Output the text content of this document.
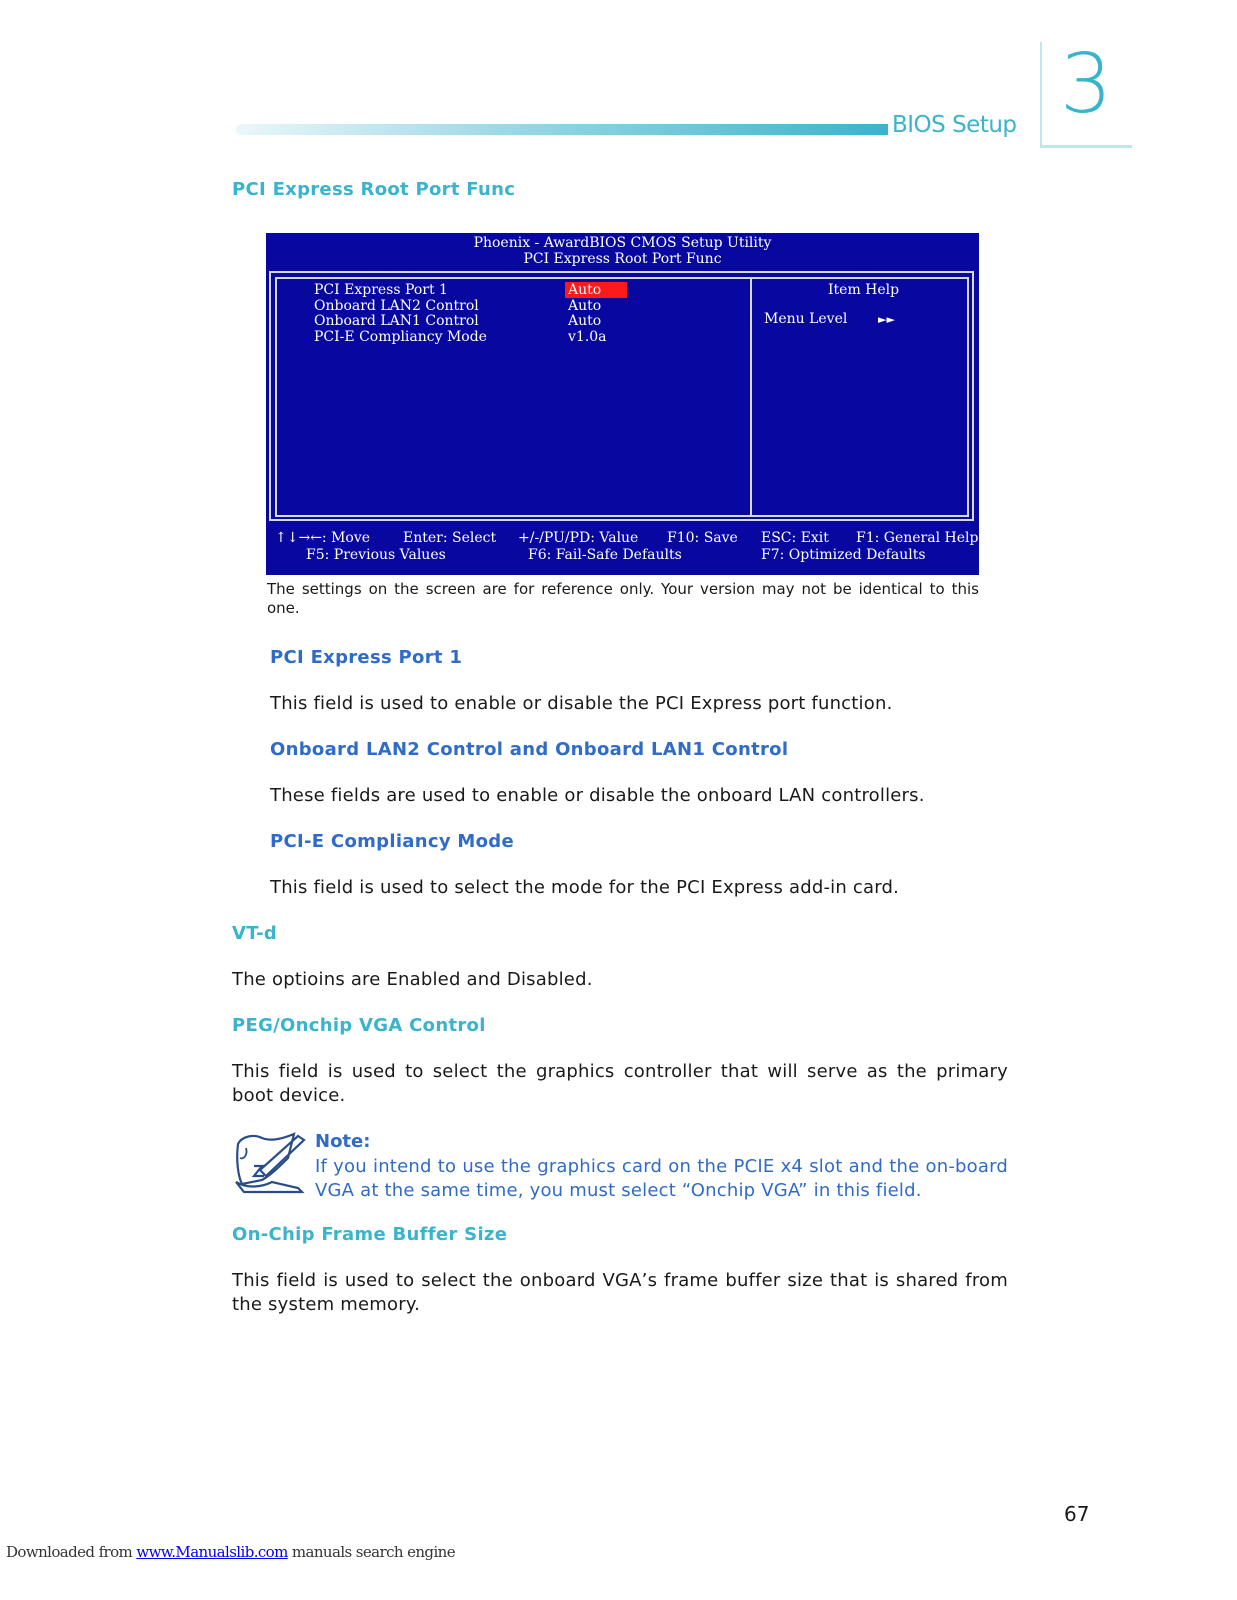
BIOS Setup 3
PCI Express Root Port Func
Phoenix - AwardBIOS CMOS Setup Utility
PCI Express Root Port Func
PCI Express Port 1	Auto
Onboard LAN2 Control	Auto
Onboard LAN1 Control	Auto
PCI-E Compliancy Mode	v1.0a
Item Help
Menu Level	►►
↑↓→←: Move Enter: Select +/-/PU/PD: Value F10: Save ESC: Exit F1: General Help
F5: Previous Values	F6: Fail-Safe Defaults	F7: Optimized Defaults
The settings on the screen are for reference only. Your version may not be identical to this one.
PCI Express Port 1
This field is used to enable or disable the PCI Express port function.
Onboard LAN2 Control and Onboard LAN1 Control
These fields are used to enable or disable the onboard LAN controllers.
PCI-E Compliancy Mode
This field is used to select the mode for the PCI Express add-in card.
VT-d
The optioins are Enabled and Disabled.
PEG/Onchip VGA Control
This field is used to select the graphics controller that will serve as the primary boot device.
Note:
If you intend to use the graphics card on the PCIE x4 slot and the on-board VGA at the same time, you must select “Onchip VGA” in this field.
On-Chip Frame Buffer Size
This field is used to select the onboard VGA’s frame buffer size that is shared from the system memory.
67
Downloaded from www.Manualslib.com manuals search engine
